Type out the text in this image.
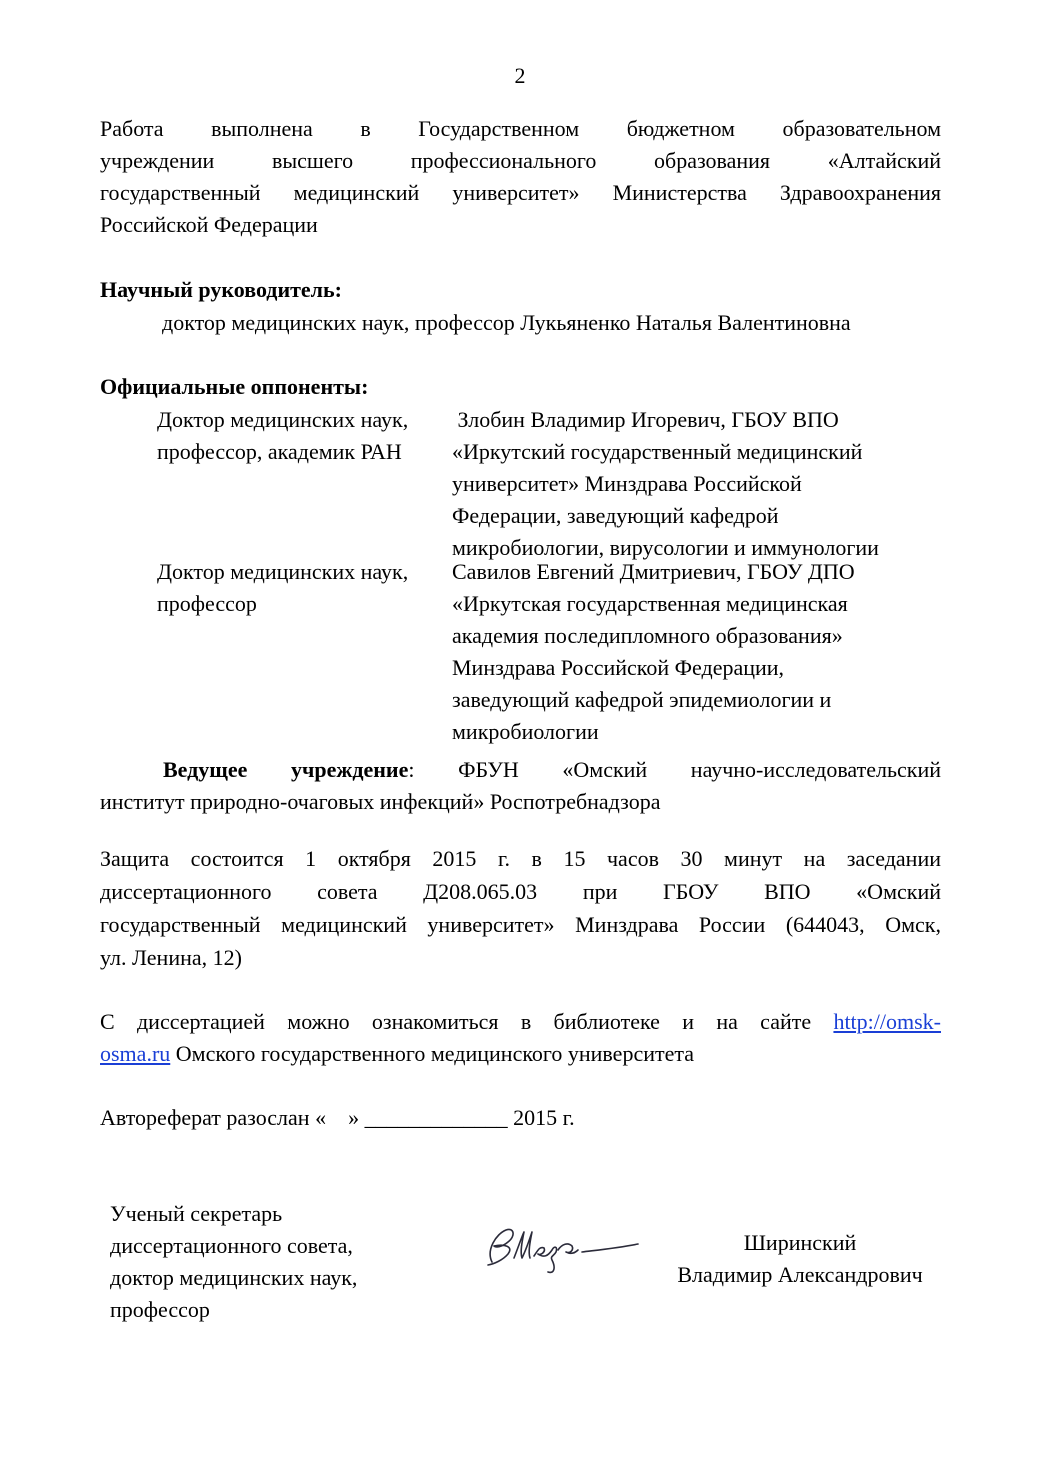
2
Работа выполнена в Государственном бюджетном образовательном
учреждении высшего профессионального образования «Алтайский
государственный медицинский университет» Министерства Здравоохранения
Российской Федерации
Научный руководитель:
доктор медицинских наук, профессор Лукьяненко Наталья Валентиновна
Официальные оппоненты:
Доктор медицинских наук,
профессор, академик РАН
Злобин Владимир Игоревич, ГБОУ ВПО
«Иркутский государственный медицинский
университет» Минздрава Российской
Федерации, заведующий кафедрой
микробиологии, вирусологии и иммунологии
Доктор медицинских наук,
профессор
Савилов Евгений Дмитриевич, ГБОУ ДПО
«Иркутская государственная медицинская
академия последипломного образования»
Минздрава Российской Федерации,
заведующий кафедрой эпидемиологии и
микробиологии
Ведущее учреждение: ФБУН «Омский научно-исследовательский
институт природно-очаговых инфекций» Роспотребнадзора
Защита состоится 1 октября 2015 г. в 15 часов 30 минут на заседании
диссертационного совета Д208.065.03 при ГБОУ ВПО «Омский
государственный медицинский университет» Минздрава России (644043, Омск,
ул. Ленина, 12)
С диссертацией можно ознакомиться в библиотеке и на сайте http://omsk-
osma.ru Омского государственного медицинского университета
Автореферат разослан «    » _____________ 2015 г.
Ученый секретарь
диссертационного совета,
доктор медицинских наук,
профессор
Ширинский
Владимир Александрович
